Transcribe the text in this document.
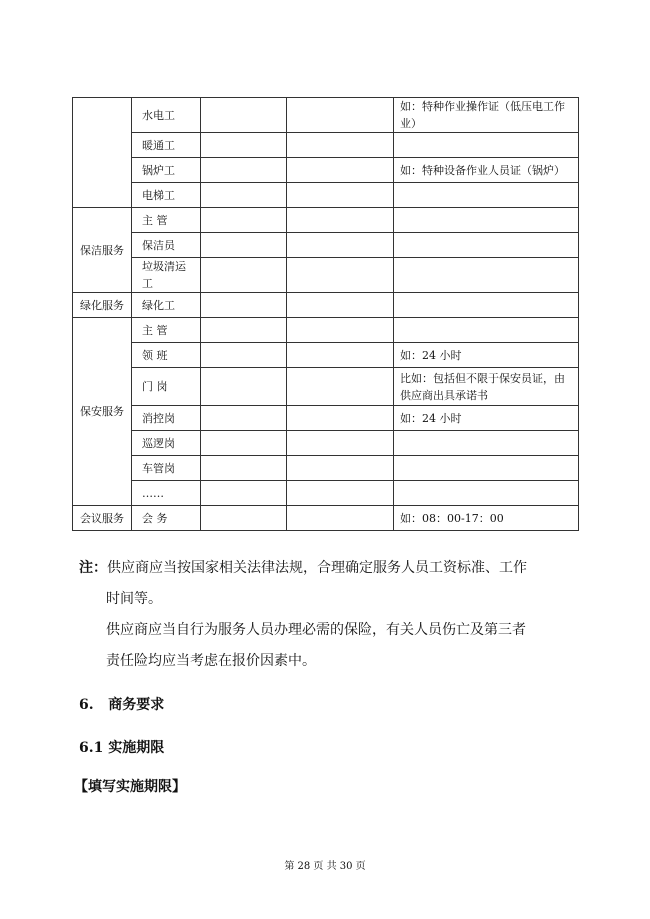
	水电工			如：特种作业操作证（低压电工作业）
	暖通工			
	锅炉工			如：特种设备作业人员证（锅炉）
	电梯工			
保洁服务	主 管			
	保洁员			
	垃圾清运工			
绿化服务	绿化工			
保安服务	主 管			
	领 班			如：24 小时
	门 岗			比如：包括但不限于保安员证，由供应商出具承诺书
	消控岗			如：24 小时
	巡逻岗			
	车管岗			
	……			
会议服务	会 务			如：08：00-17：00
注：供应商应当按国家相关法律法规，合理确定服务人员工资标准、工作
时间等。
供应商应当自行为服务人员办理必需的保险，有关人员伤亡及第三者
责任险均应当考虑在报价因素中。
6.   商务要求
6.1 实施期限
【填写实施期限】
第 28 页 共 30 页
